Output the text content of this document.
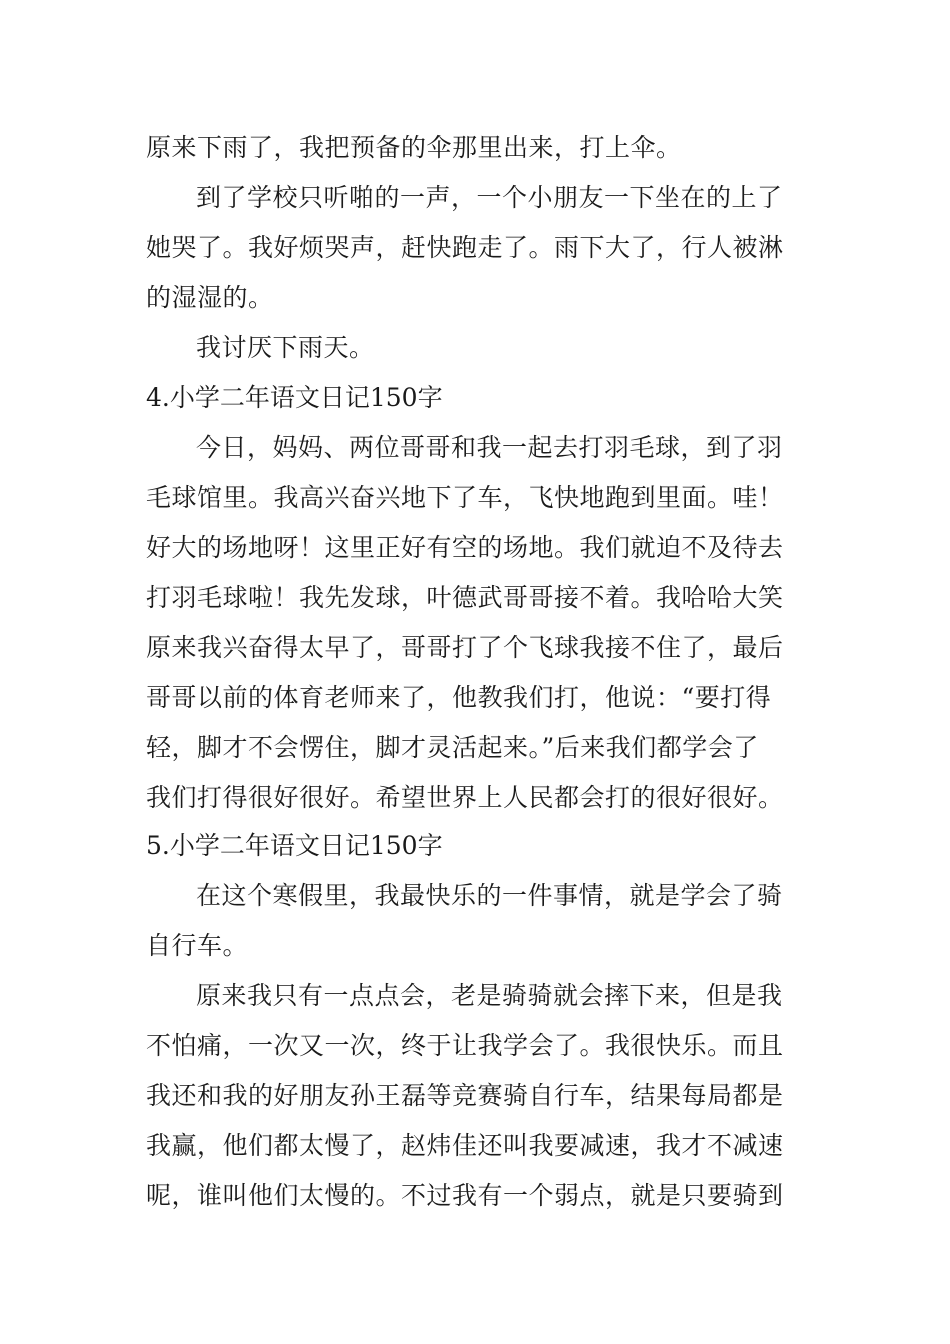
原来下雨了，我把预备的伞那里出来，打上伞。
到了学校只听啪的一声，一个小朋友一下坐在的上了
她哭了。我好烦哭声，赶快跑走了。雨下大了，行人被淋
的湿湿的。
我讨厌下雨天。
4.小学二年语文日记150字
今日，妈妈、两位哥哥和我一起去打羽毛球，到了羽
毛球馆里。我高兴奋兴地下了车，飞快地跑到里面。哇！
好大的场地呀！这里正好有空的场地。我们就迫不及待去
打羽毛球啦！我先发球，叶德武哥哥接不着。我哈哈大笑
原来我兴奋得太早了，哥哥打了个飞球我接不住了，最后
哥哥以前的体育老师来了，他教我们打，他说：“要打得
轻，脚才不会愣住，脚才灵活起来。”后来我们都学会了
我们打得很好很好。希望世界上人民都会打的很好很好。
5.小学二年语文日记150字
在这个寒假里，我最快乐的一件事情，就是学会了骑
自行车。
原来我只有一点点会，老是骑骑就会摔下来，但是我
不怕痛，一次又一次，终于让我学会了。我很快乐。而且
我还和我的好朋友孙王磊等竞赛骑自行车，结果每局都是
我赢，他们都太慢了，赵炜佳还叫我要减速，我才不减速
呢，谁叫他们太慢的。不过我有一个弱点，就是只要骑到
